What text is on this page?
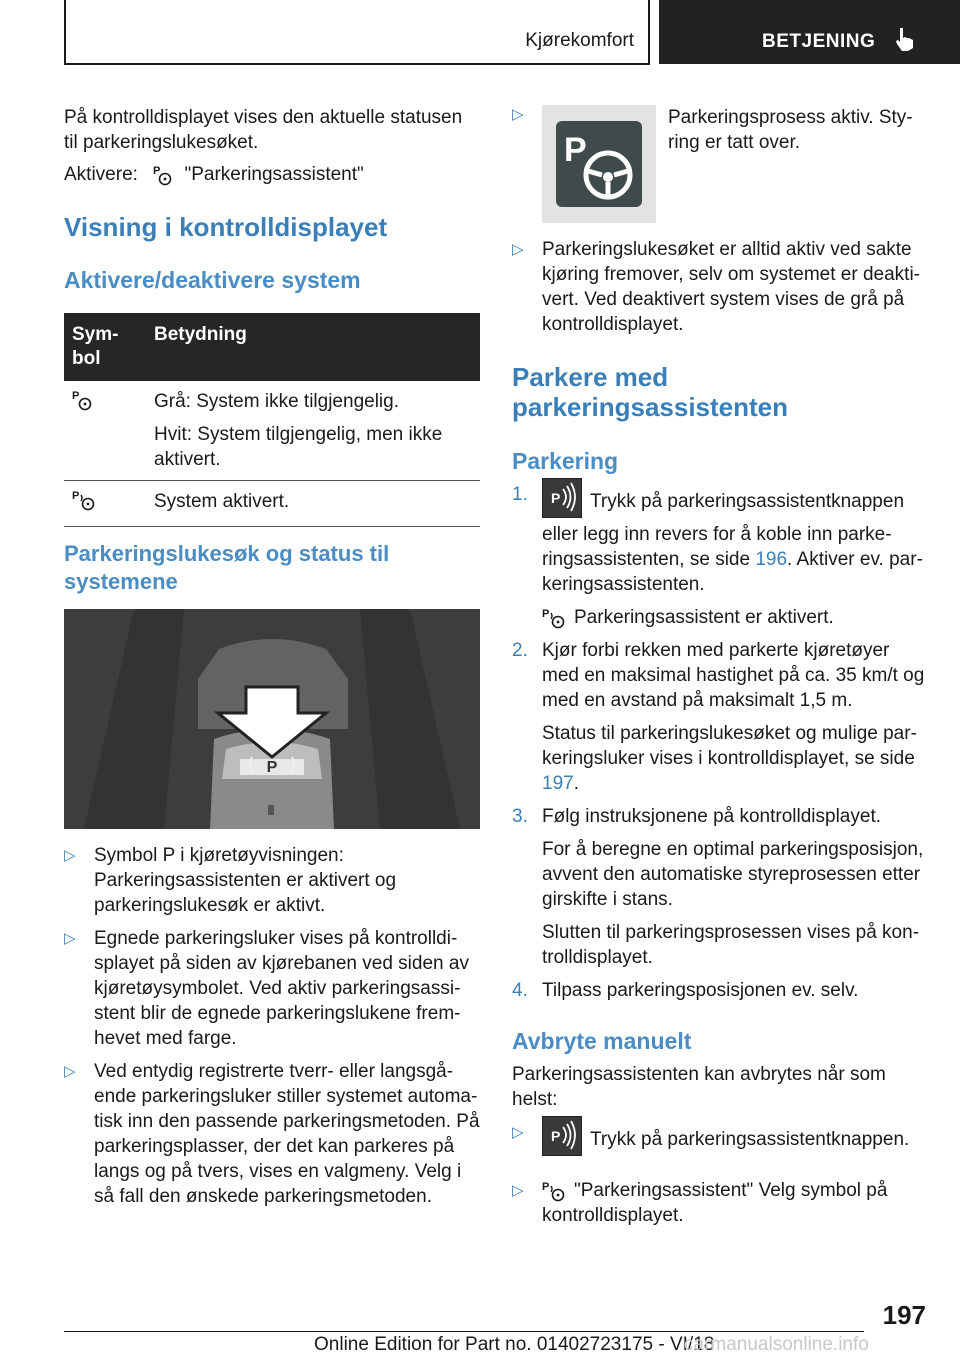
Kjørekomfort	BETJENING

På kontrolldisplayet vises den aktuelle statusen til parkeringslukesøket.

Aktivere: P "Parkeringsassistent"
Visning i kontrolldisplayet
Aktivere/deaktivere system
Sym-
bol	Betydning

P	Grå: System ikke tilgjengelig.
Hvit: System tilgjengelig, men ikke aktivert.

P	System aktivert.
Parkeringslukesøk og status til systemene
P
▷ Symbol P i kjøretøyvisningen: Parkeringsassistenten er aktivert og parkeringslukesøk er aktivt.
▷ Egnede parkeringsluker vises på kontrolldisplayet på siden av kjørebanen ved siden av kjøretøysymbolet. Ved aktiv parkeringsassistent blir de egnede parkeringslukene fremhevet med farge.
▷ Ved entydig registrerte tverr- eller langsgående parkeringsluker stiller systemet automatisk inn den passende parkeringsmetoden. På parkeringsplasser, der det kan parkeres på langs og på tvers, vises en valgmeny. Velg i så fall den ønskede parkeringsmetoden.
▷
P

Parkeringsprosess aktiv. Styring er tatt over.

▷ Parkeringslukesøket er alltid aktiv ved sakte kjøring fremover, selv om systemet er deaktivert. Ved deaktivert system vises de grå på kontrolldisplayet.
Parkere med parkeringsassistenten
Parkering
1. P Trykk på parkeringsassistentknappen eller legg inn revers for å koble inn parkeringsassistenten, se side 196. Aktiver ev. parkeringsassistenten.
P Parkeringsassistent er aktivert.
2. Kjør forbi rekken med parkerte kjøretøyer med en maksimal hastighet på ca. 35 km/t og med en avstand på maksimalt 1,5 m.
Status til parkeringslukesøket og mulige parkeringsluker vises i kontrolldisplayet, se side 197.
3. Følg instruksjonene på kontrolldisplayet.
For å beregne en optimal parkeringsposisjon, avvent den automatiske styreprosessen etter girskifte i stans.
Slutten til parkeringsprosessen vises på kontrolldisplayet.
4. Tilpass parkeringsposisjonen ev. selv.
Avbryte manuelt

Parkeringsassistenten kan avbrytes når som helst:

▷ P Trykk på parkeringsassistentknappen.
▷ P "Parkeringsassistent" Velg symbol på kontrolldisplayet.
197
Online Edition for Part no. 01402723175 - VI/18
carmanualsonline.info
